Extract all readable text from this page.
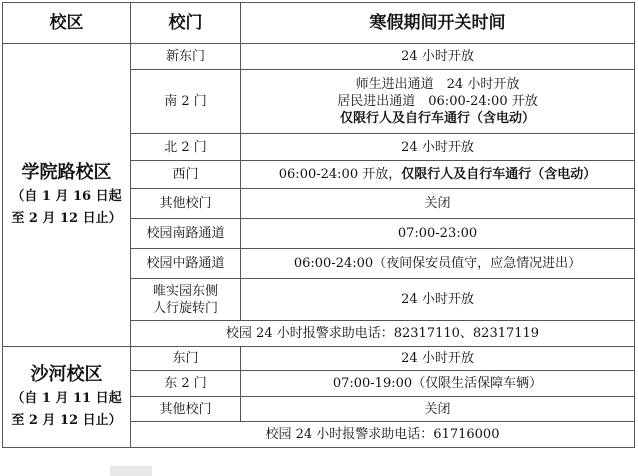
校区	校门	寒假期间开关时间

学院路校区
（自 1 月 16 日起
至 2 月 12 日止）	新东门	24 小时开放
	南 2 门	师生进出通道　24 小时开放
居民进出通道　06:00-24:00 开放
仅限行人及自行车通行（含电动）

	北 2 门	24 小时开放
	西门	06:00-24:00 开放，仅限行人及自行车通行（含电动）
	其他校门	关闭
	校园南路通道	07:00-23:00
	校园中路通道	06:00-24:00（夜间保安员值守，应急情况进出）

	唯实园东侧
人行旋转门	24 小时开放
	校园 24 小时报警求助电话：82317110、82317119	

沙河校区
（自 1 月 11 日起
至 2 月 12 日止）	东门	24 小时开放
	东 2 门	07:00-19:00（仅限生活保障车辆）
	其他校门	关闭
	校园 24 小时报警求助电话：61716000	
